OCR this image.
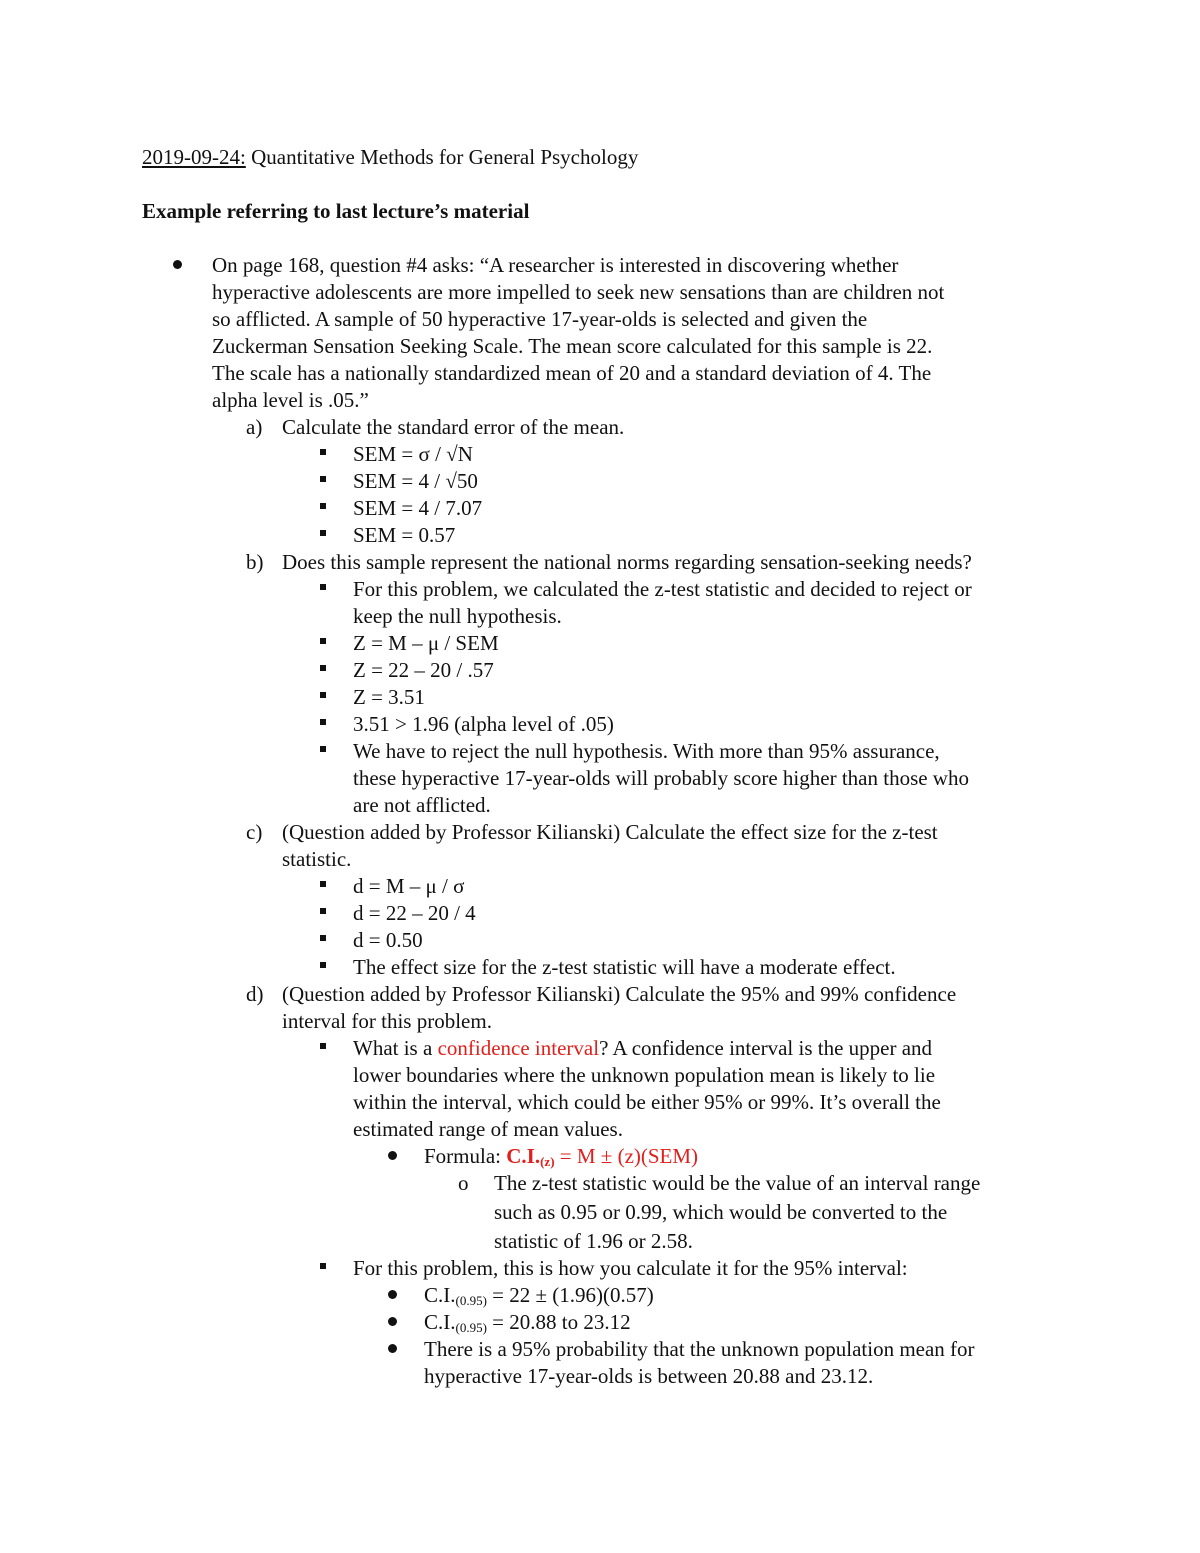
2019-09-24: Quantitative Methods for General Psychology
Example referring to last lecture’s material
On page 168, question #4 asks: “A researcher is interested in discovering whether
hyperactive adolescents are more impelled to seek new sensations than are children not
so afflicted. A sample of 50 hyperactive 17-year-olds is selected and given the
Zuckerman Sensation Seeking Scale. The mean score calculated for this sample is 22.
The scale has a nationally standardized mean of 20 and a standard deviation of 4. The
alpha level is .05.”
a) Calculate the standard error of the mean.
SEM = σ / √N
SEM = 4 / √50
SEM = 4 / 7.07
SEM = 0.57
b) Does this sample represent the national norms regarding sensation-seeking needs?
For this problem, we calculated the z-test statistic and decided to reject or
keep the null hypothesis.
Z = M – μ / SEM
Z = 22 – 20 / .57
Z = 3.51
3.51 > 1.96 (alpha level of .05)
We have to reject the null hypothesis. With more than 95% assurance,
these hyperactive 17-year-olds will probably score higher than those who
are not afflicted.
c) (Question added by Professor Kilianski) Calculate the effect size for the z-test
statistic.
d = M – μ / σ
d = 22 – 20 / 4
d = 0.50
The effect size for the z-test statistic will have a moderate effect.
d) (Question added by Professor Kilianski) Calculate the 95% and 99% confidence
interval for this problem.
What is a confidence interval? A confidence interval is the upper and
lower boundaries where the unknown population mean is likely to lie
within the interval, which could be either 95% or 99%. It’s overall the
estimated range of mean values.
Formula: $C.I._{(z)} = M \pm (z)(SEM)$
o The z-test statistic would be the value of an interval range
such as 0.95 or 0.99, which would be converted to the
statistic of 1.96 or 2.58.
For this problem, this is how you calculate it for the 95% interval:
$C.I._{(0.95)} = 22 \pm (1.96)(0.57)$
$C.I._{(0.95)} = 20.88$ to 23.12
There is a 95% probability that the unknown population mean for
hyperactive 17-year-olds is between 20.88 and 23.12.
